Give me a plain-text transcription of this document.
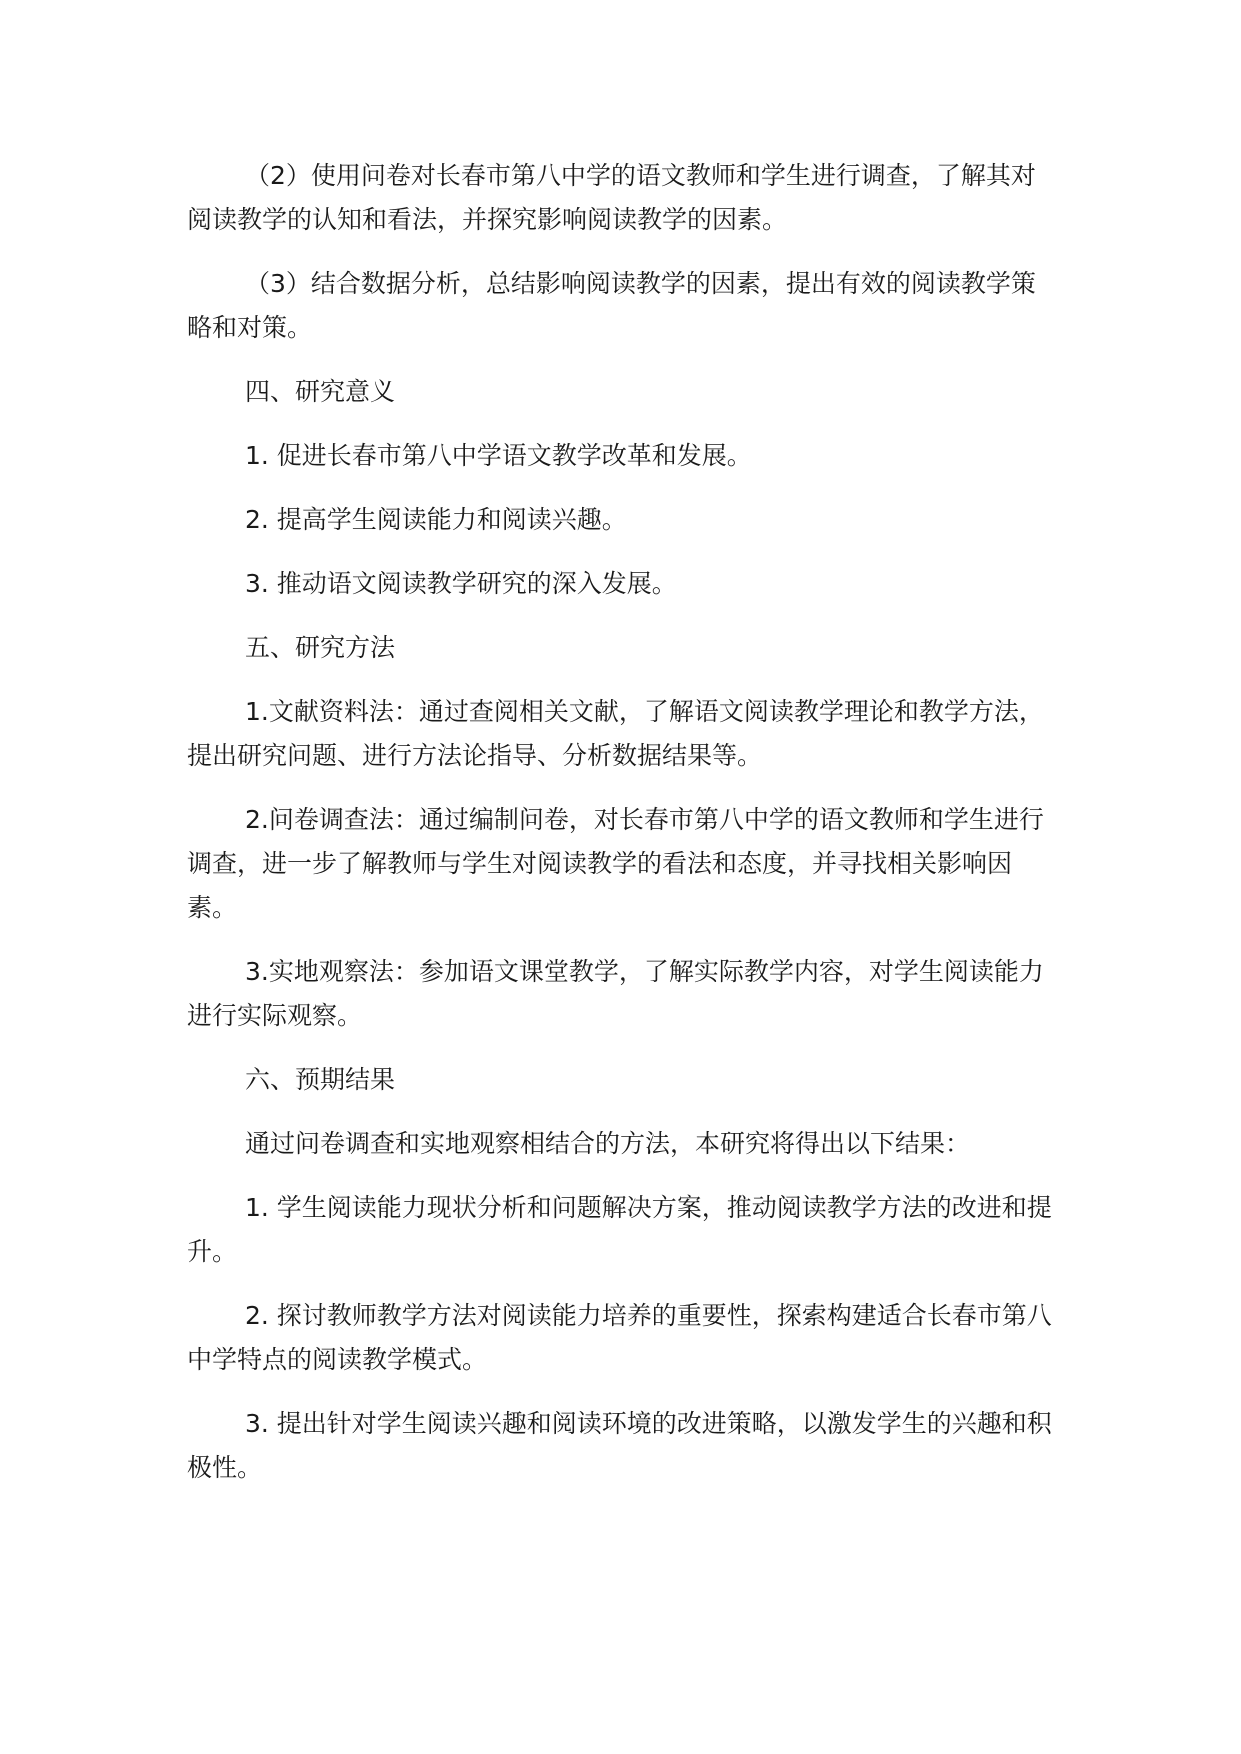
（2）使用问卷对长春市第八中学的语文教师和学生进行调查，了解其对阅读教学的认知和看法，并探究影响阅读教学的因素。

（3）结合数据分析，总结影响阅读教学的因素，提出有效的阅读教学策略和对策。

四、研究意义

1. 促进长春市第八中学语文教学改革和发展。

2. 提高学生阅读能力和阅读兴趣。

3. 推动语文阅读教学研究的深入发展。

五、研究方法

1.文献资料法：通过查阅相关文献，了解语文阅读教学理论和教学方法，提出研究问题、进行方法论指导、分析数据结果等。

2.问卷调查法：通过编制问卷，对长春市第八中学的语文教师和学生进行调查，进一步了解教师与学生对阅读教学的看法和态度，并寻找相关影响因素。

3.实地观察法：参加语文课堂教学，了解实际教学内容，对学生阅读能力进行实际观察。

六、预期结果

通过问卷调查和实地观察相结合的方法，本研究将得出以下结果：

1. 学生阅读能力现状分析和问题解决方案，推动阅读教学方法的改进和提升。

2. 探讨教师教学方法对阅读能力培养的重要性，探索构建适合长春市第八中学特点的阅读教学模式。

3. 提出针对学生阅读兴趣和阅读环境的改进策略，以激发学生的兴趣和积极性。
